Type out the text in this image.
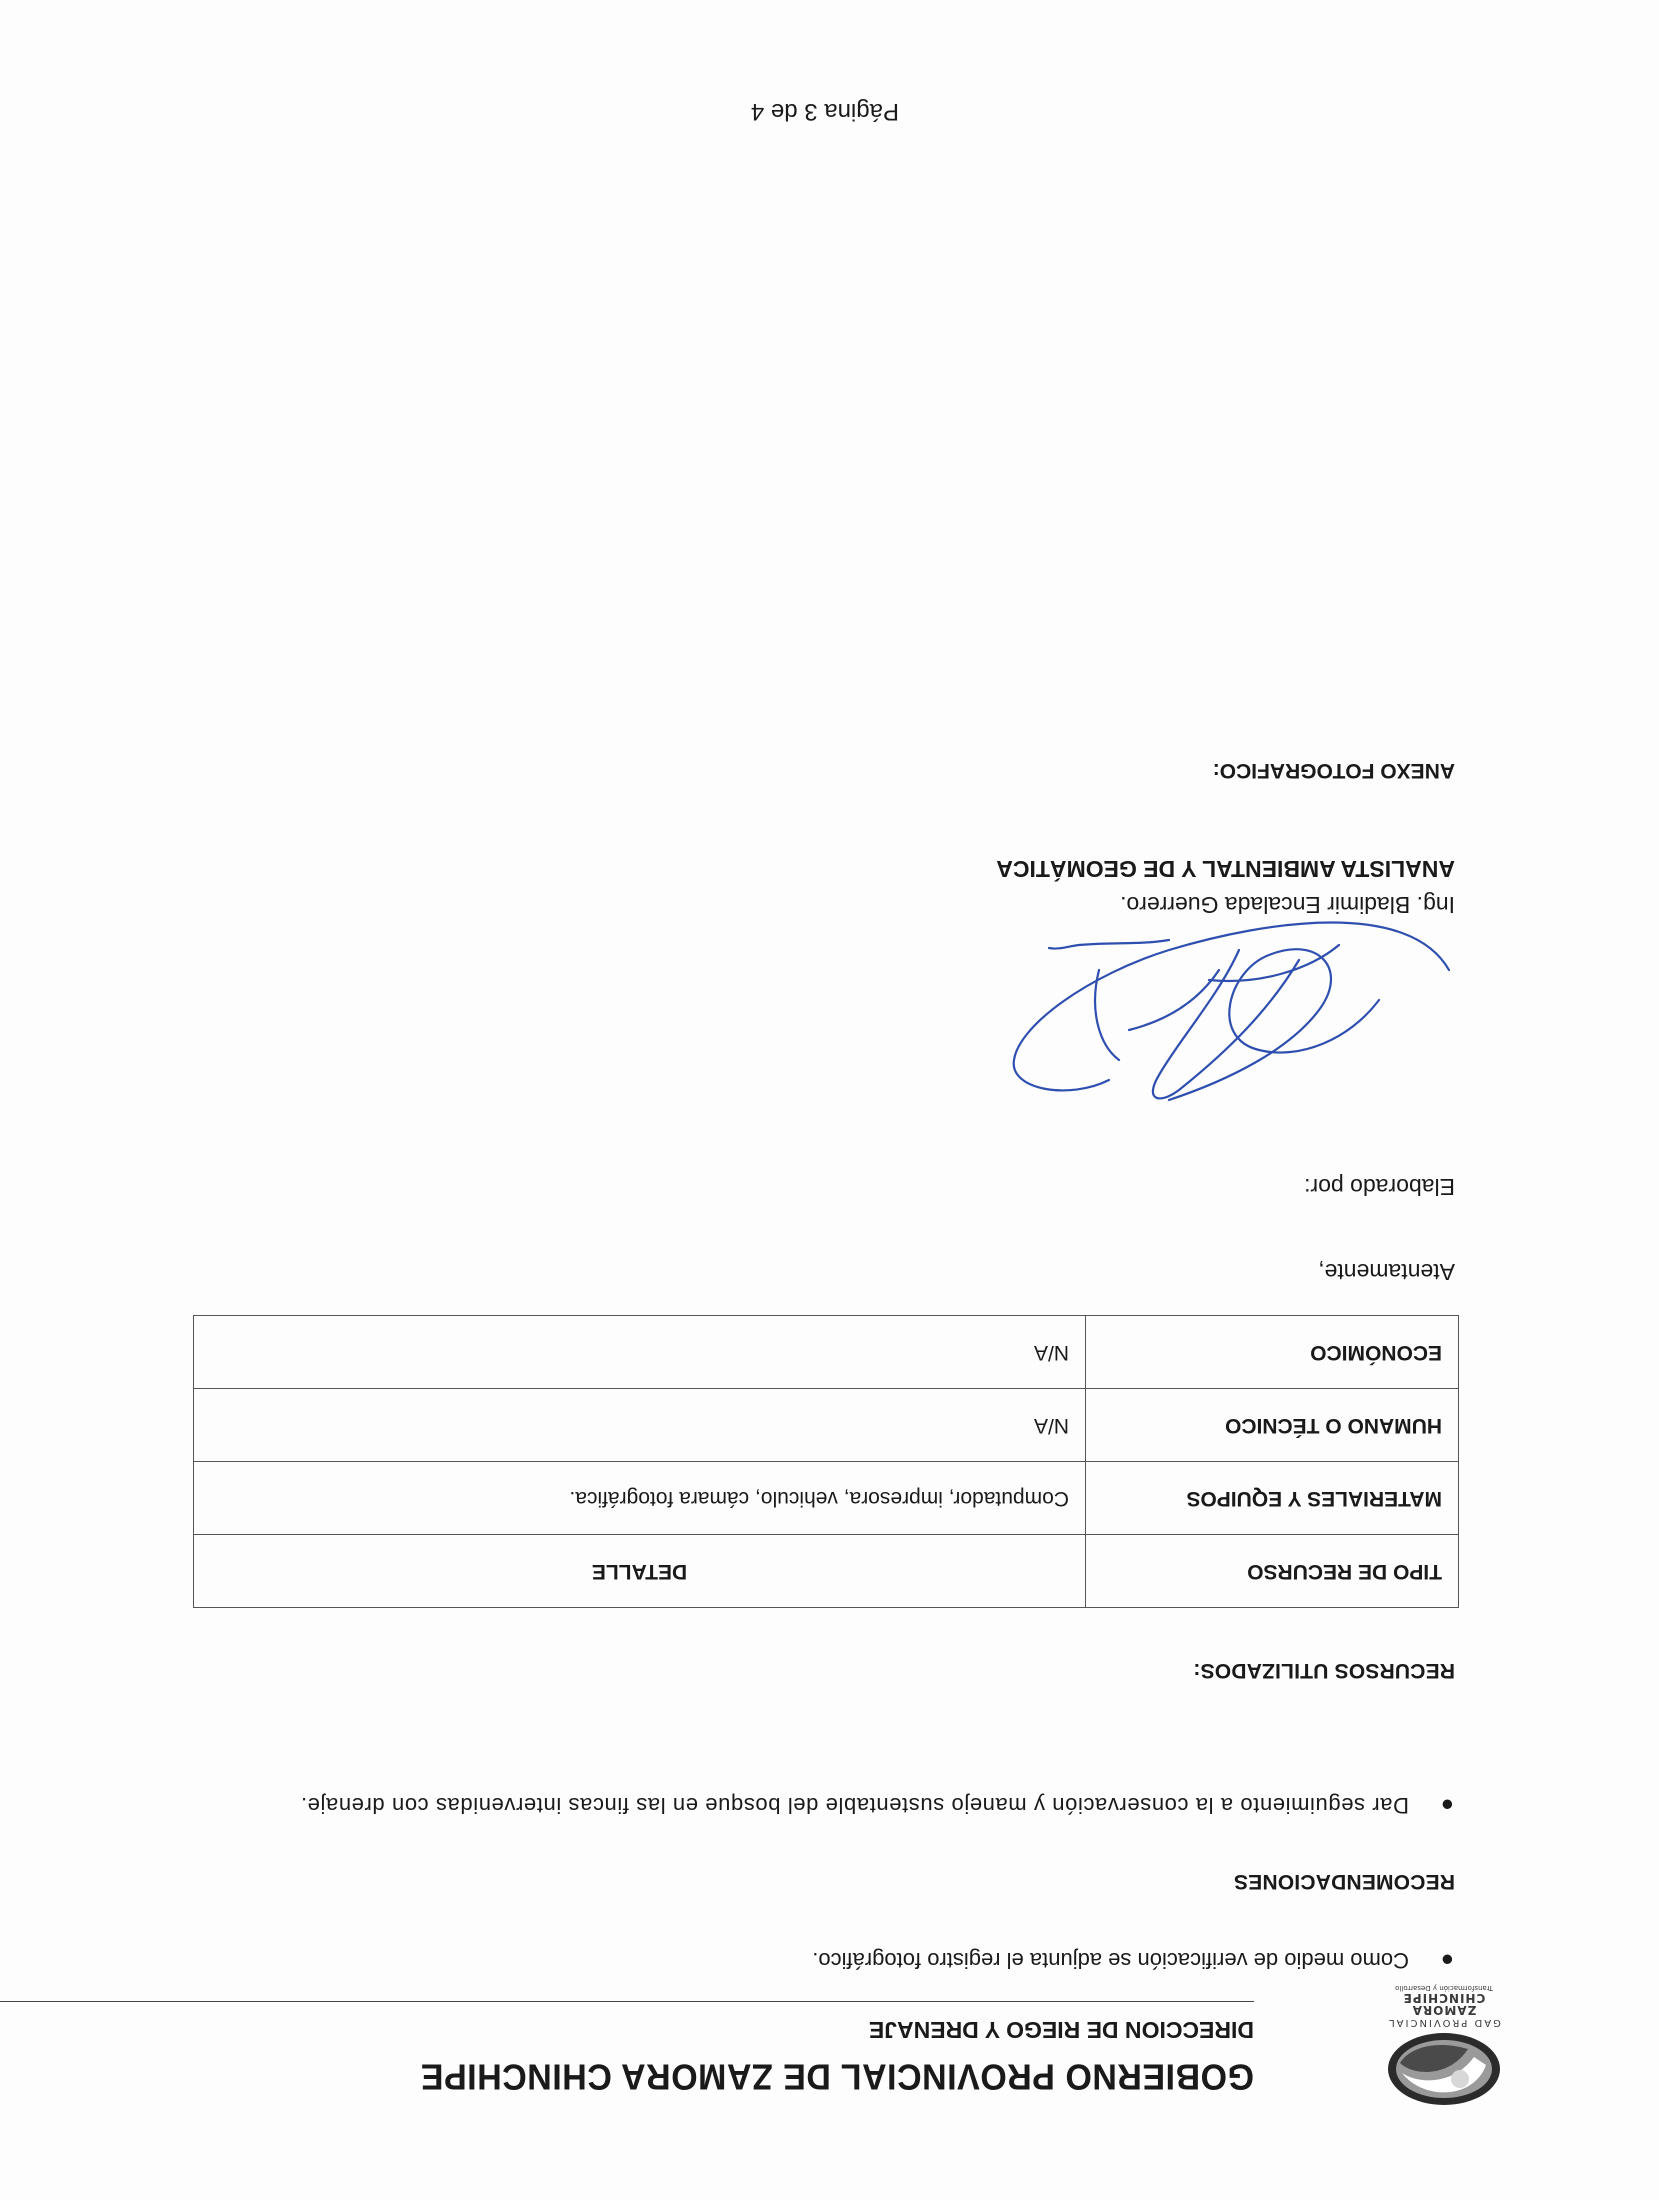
GAD PROVINCIAL
ZAMORA CHINCHIPE
Transformación y Desarrollo
GOBIERNO PROVINCIAL DE ZAMORA CHINCHIPE
DIRECCION DE RIEGO Y DRENAJE
●
Como medio de verificación se adjunta el registro fotográfico.
RECOMENDACIONES
●
Dar seguimiento a la conservación y manejo sustentable del bosque en las fincas intervenidas con drenaje.
RECURSOS UTILIZADOS:
TIPO DE RECURSO	DETALLE
MATERIALES Y EQUIPOS	Computador, impresora, vehiculo, cámara fotográfica.
HUMANO O TÉCNICO	N/A
ECONÓMICO	N/A
Atentamente,
Elaborado por:
Ing. Bladimir Encalada Guerrero.
ANALISTA AMBIENTAL Y DE GEOMÁTICA
ANEXO FOTOGRAFICO:
Página 3 de 4
